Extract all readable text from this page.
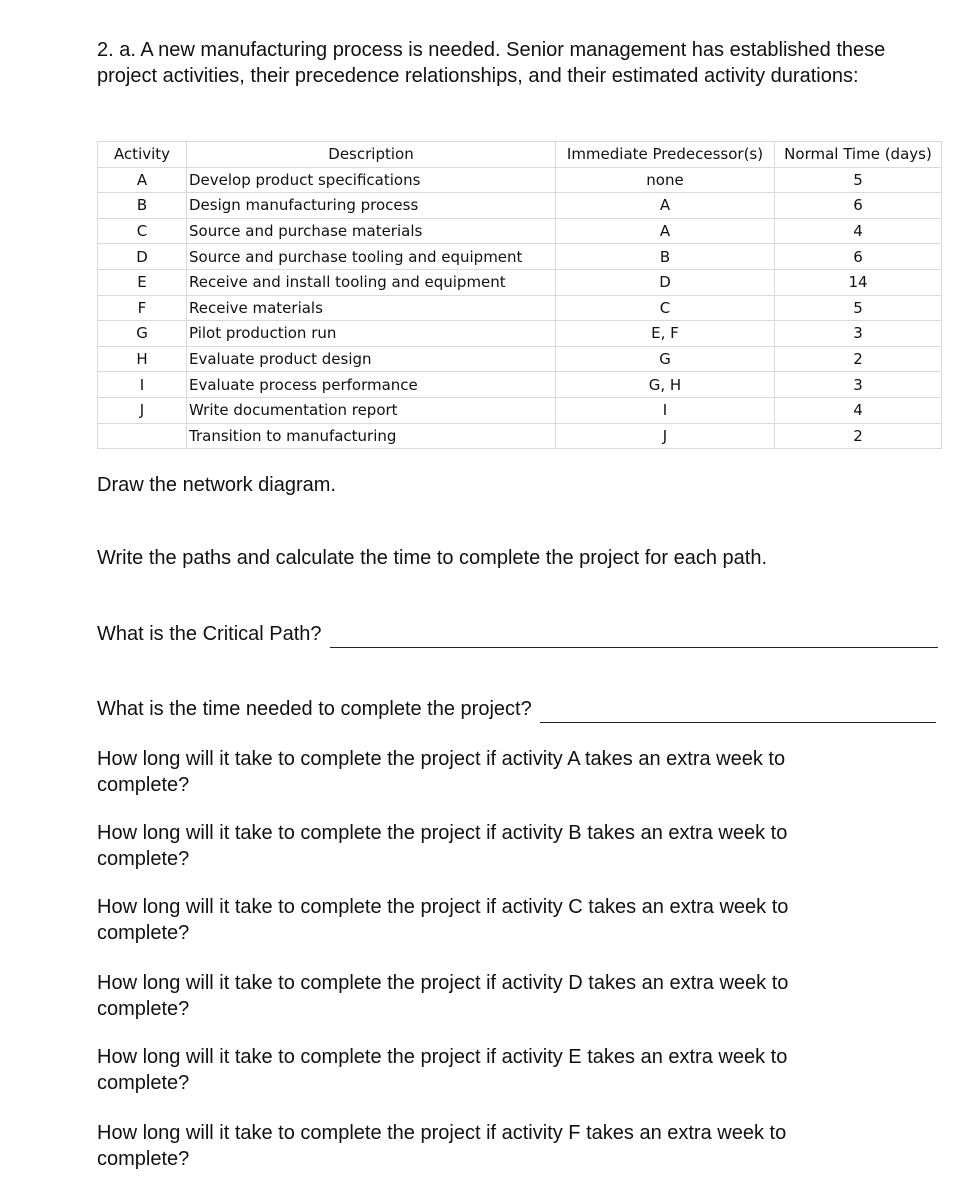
2. a. A new manufacturing process is needed. Senior management has established these project activities, their precedence relationships, and their estimated activity durations:

Activity	Description	Immediate Predecessor(s)	Normal Time (days)
A	Develop product specifications	none	5
B	Design manufacturing process	A	6
C	Source and purchase materials	A	4
D	Source and purchase tooling and equipment	B	6
E	Receive and install tooling and equipment	D	14
F	Receive materials	C	5
G	Pilot production run	E, F	3
H	Evaluate product design	G	2
I	Evaluate process performance	G, H	3
J	Write documentation report	I	4
	Transition to manufacturing	J	2

Draw the network diagram.

Write the paths and calculate the time to complete the project for each path.

What is the Critical Path?
What is the time needed to complete the project?

How long will it take to complete the project if activity A takes an extra week to complete?

How long will it take to complete the project if activity B takes an extra week to complete?

How long will it take to complete the project if activity C takes an extra week to complete?

How long will it take to complete the project if activity D takes an extra week to complete?

How long will it take to complete the project if activity E takes an extra week to complete?

How long will it take to complete the project if activity F takes an extra week to complete?
